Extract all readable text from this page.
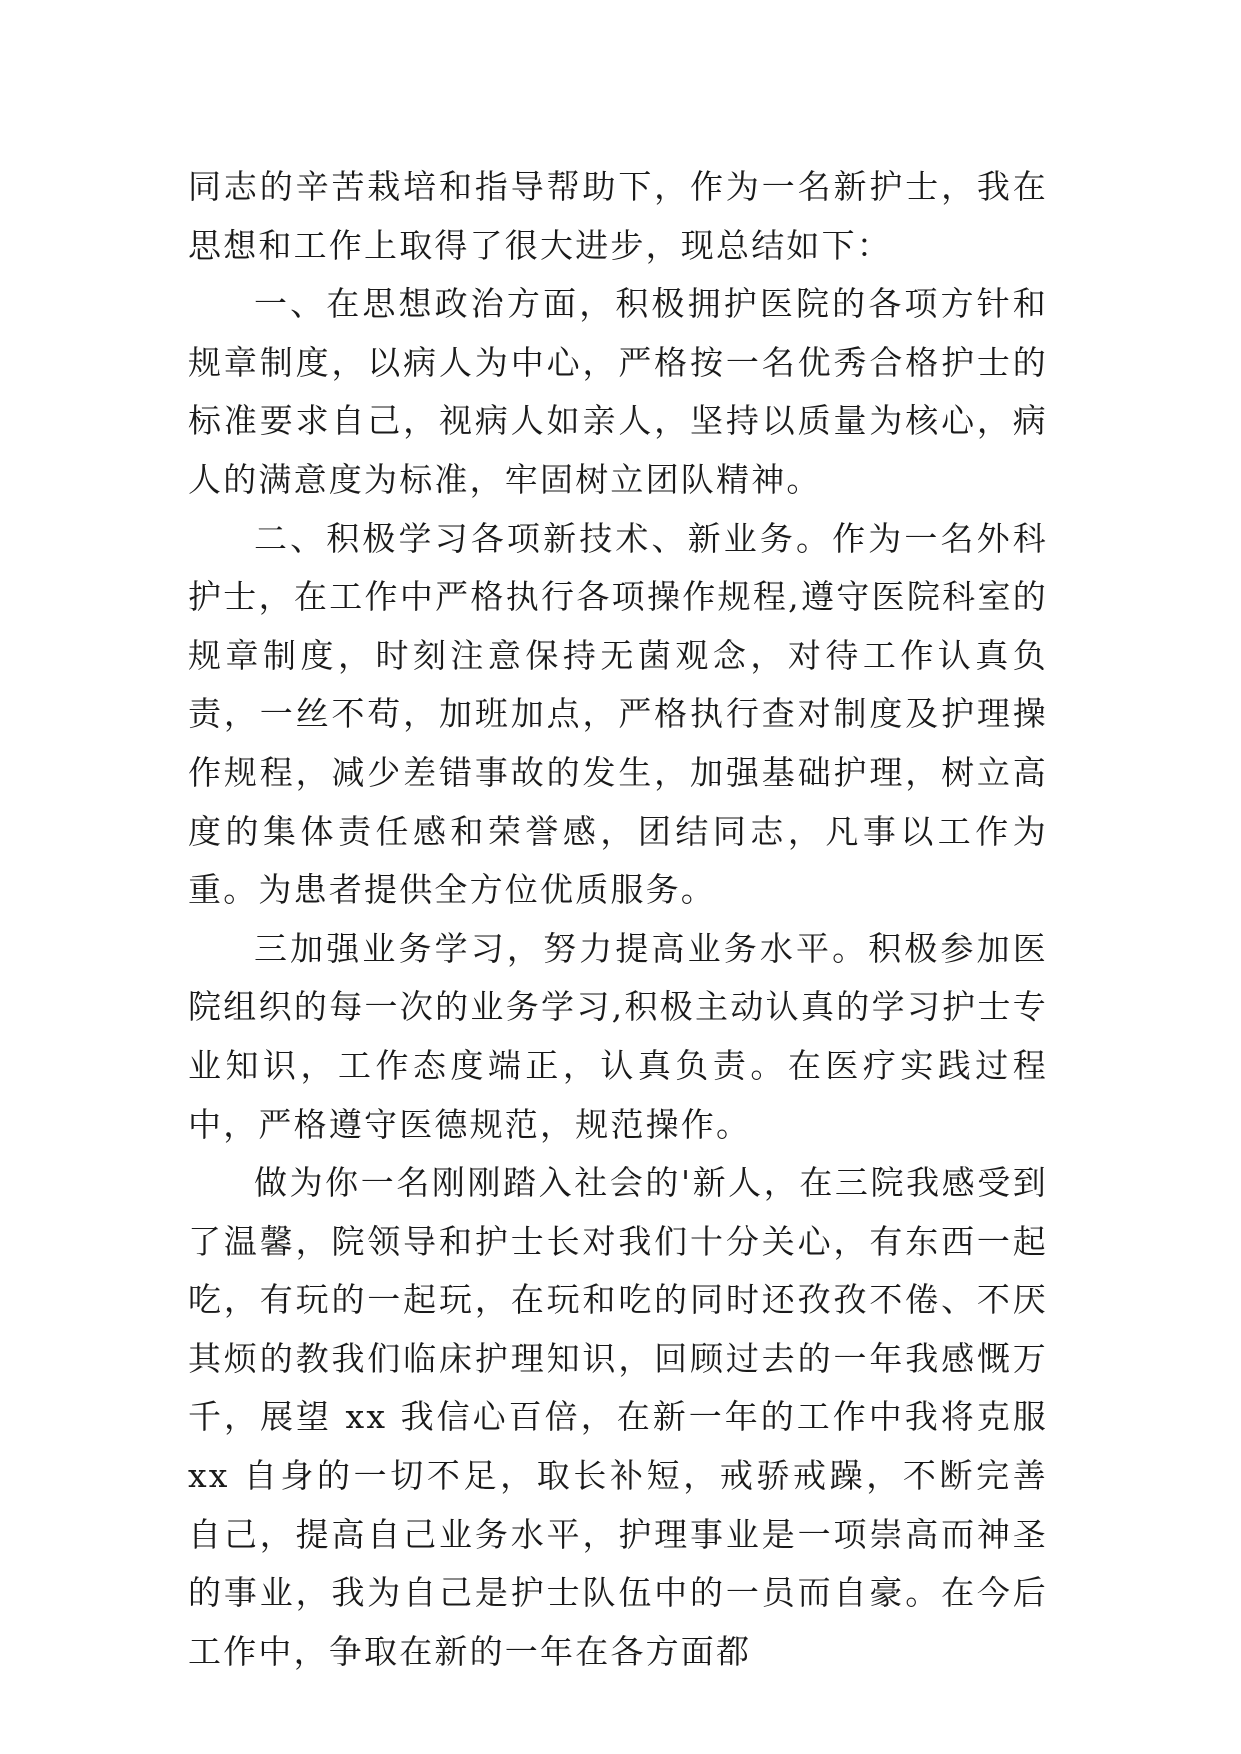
同志的辛苦栽培和指导帮助下，作为一名新护士，我在思想和工作上取得了很大进步，现总结如下：

一、在思想政治方面，积极拥护医院的各项方针和规章制度，以病人为中心，严格按一名优秀合格护士的标准要求自己，视病人如亲人，坚持以质量为核心，病人的满意度为标准，牢固树立团队精神。

二、积极学习各项新技术、新业务。作为一名外科护士，在工作中严格执行各项操作规程,遵守医院科室的规章制度，时刻注意保持无菌观念，对待工作认真负责，一丝不苟，加班加点，严格执行查对制度及护理操作规程，减少差错事故的发生，加强基础护理，树立高度的集体责任感和荣誉感，团结同志，凡事以工作为重。为患者提供全方位优质服务。

三加强业务学习，努力提高业务水平。积极参加医院组织的每一次的业务学习,积极主动认真的学习护士专业知识，工作态度端正，认真负责。在医疗实践过程中，严格遵守医德规范，规范操作。

做为你一名刚刚踏入社会的'新人，在三院我感受到了温馨，院领导和护士长对我们十分关心，有东西一起吃，有玩的一起玩，在玩和吃的同时还孜孜不倦、不厌其烦的教我们临床护理知识，回顾过去的一年我感慨万千，展望 xx 我信心百倍，在新一年的工作中我将克服 xx 自身的一切不足，取长补短，戒骄戒躁，不断完善自己，提高自己业务水平，护理事业是一项崇高而神圣的事业，我为自己是护士队伍中的一员而自豪。在今后工作中，争取在新的一年在各方面都
